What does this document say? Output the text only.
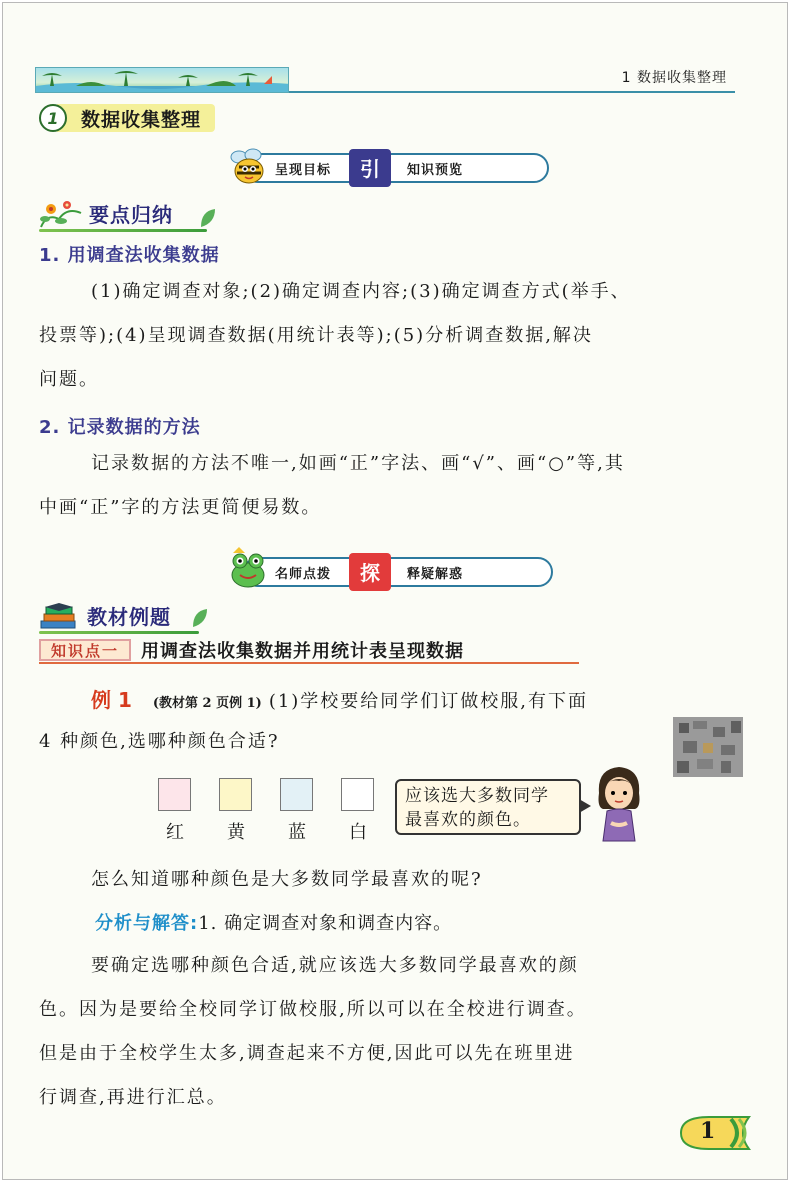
1 数据收集整理
1	数据收集整理
呈现目标	引	知识预览
要点归纳
1. 用调查法收集数据
(1)确定调查对象;(2)确定调查内容;(3)确定调查方式(举手、
投票等);(4)呈现调查数据(用统计表等);(5)分析调查数据,解决
问题。
2. 记录数据的方法
记录数据的方法不唯一,如画“正”字法、画“√”、画“○”等,其
中画“正”字的方法更简便易数。
名师点拨	探	释疑解惑
教材例题
知识点一	用调查法收集数据并用统计表呈现数据
例 1 (教材第 2 页例 1) (1)学校要给同学们订做校服,有下面
4 种颜色,选哪种颜色合适?
红 黄 蓝 白
应该选大多数同学
最喜欢的颜色。
怎么知道哪种颜色是大多数同学最喜欢的呢?
分析与解答:1. 确定调查对象和调查内容。
要确定选哪种颜色合适,就应该选大多数同学最喜欢的颜
色。因为是要给全校同学订做校服,所以可以在全校进行调查。
但是由于全校学生太多,调查起来不方便,因此可以先在班里进
行调查,再进行汇总。
1
